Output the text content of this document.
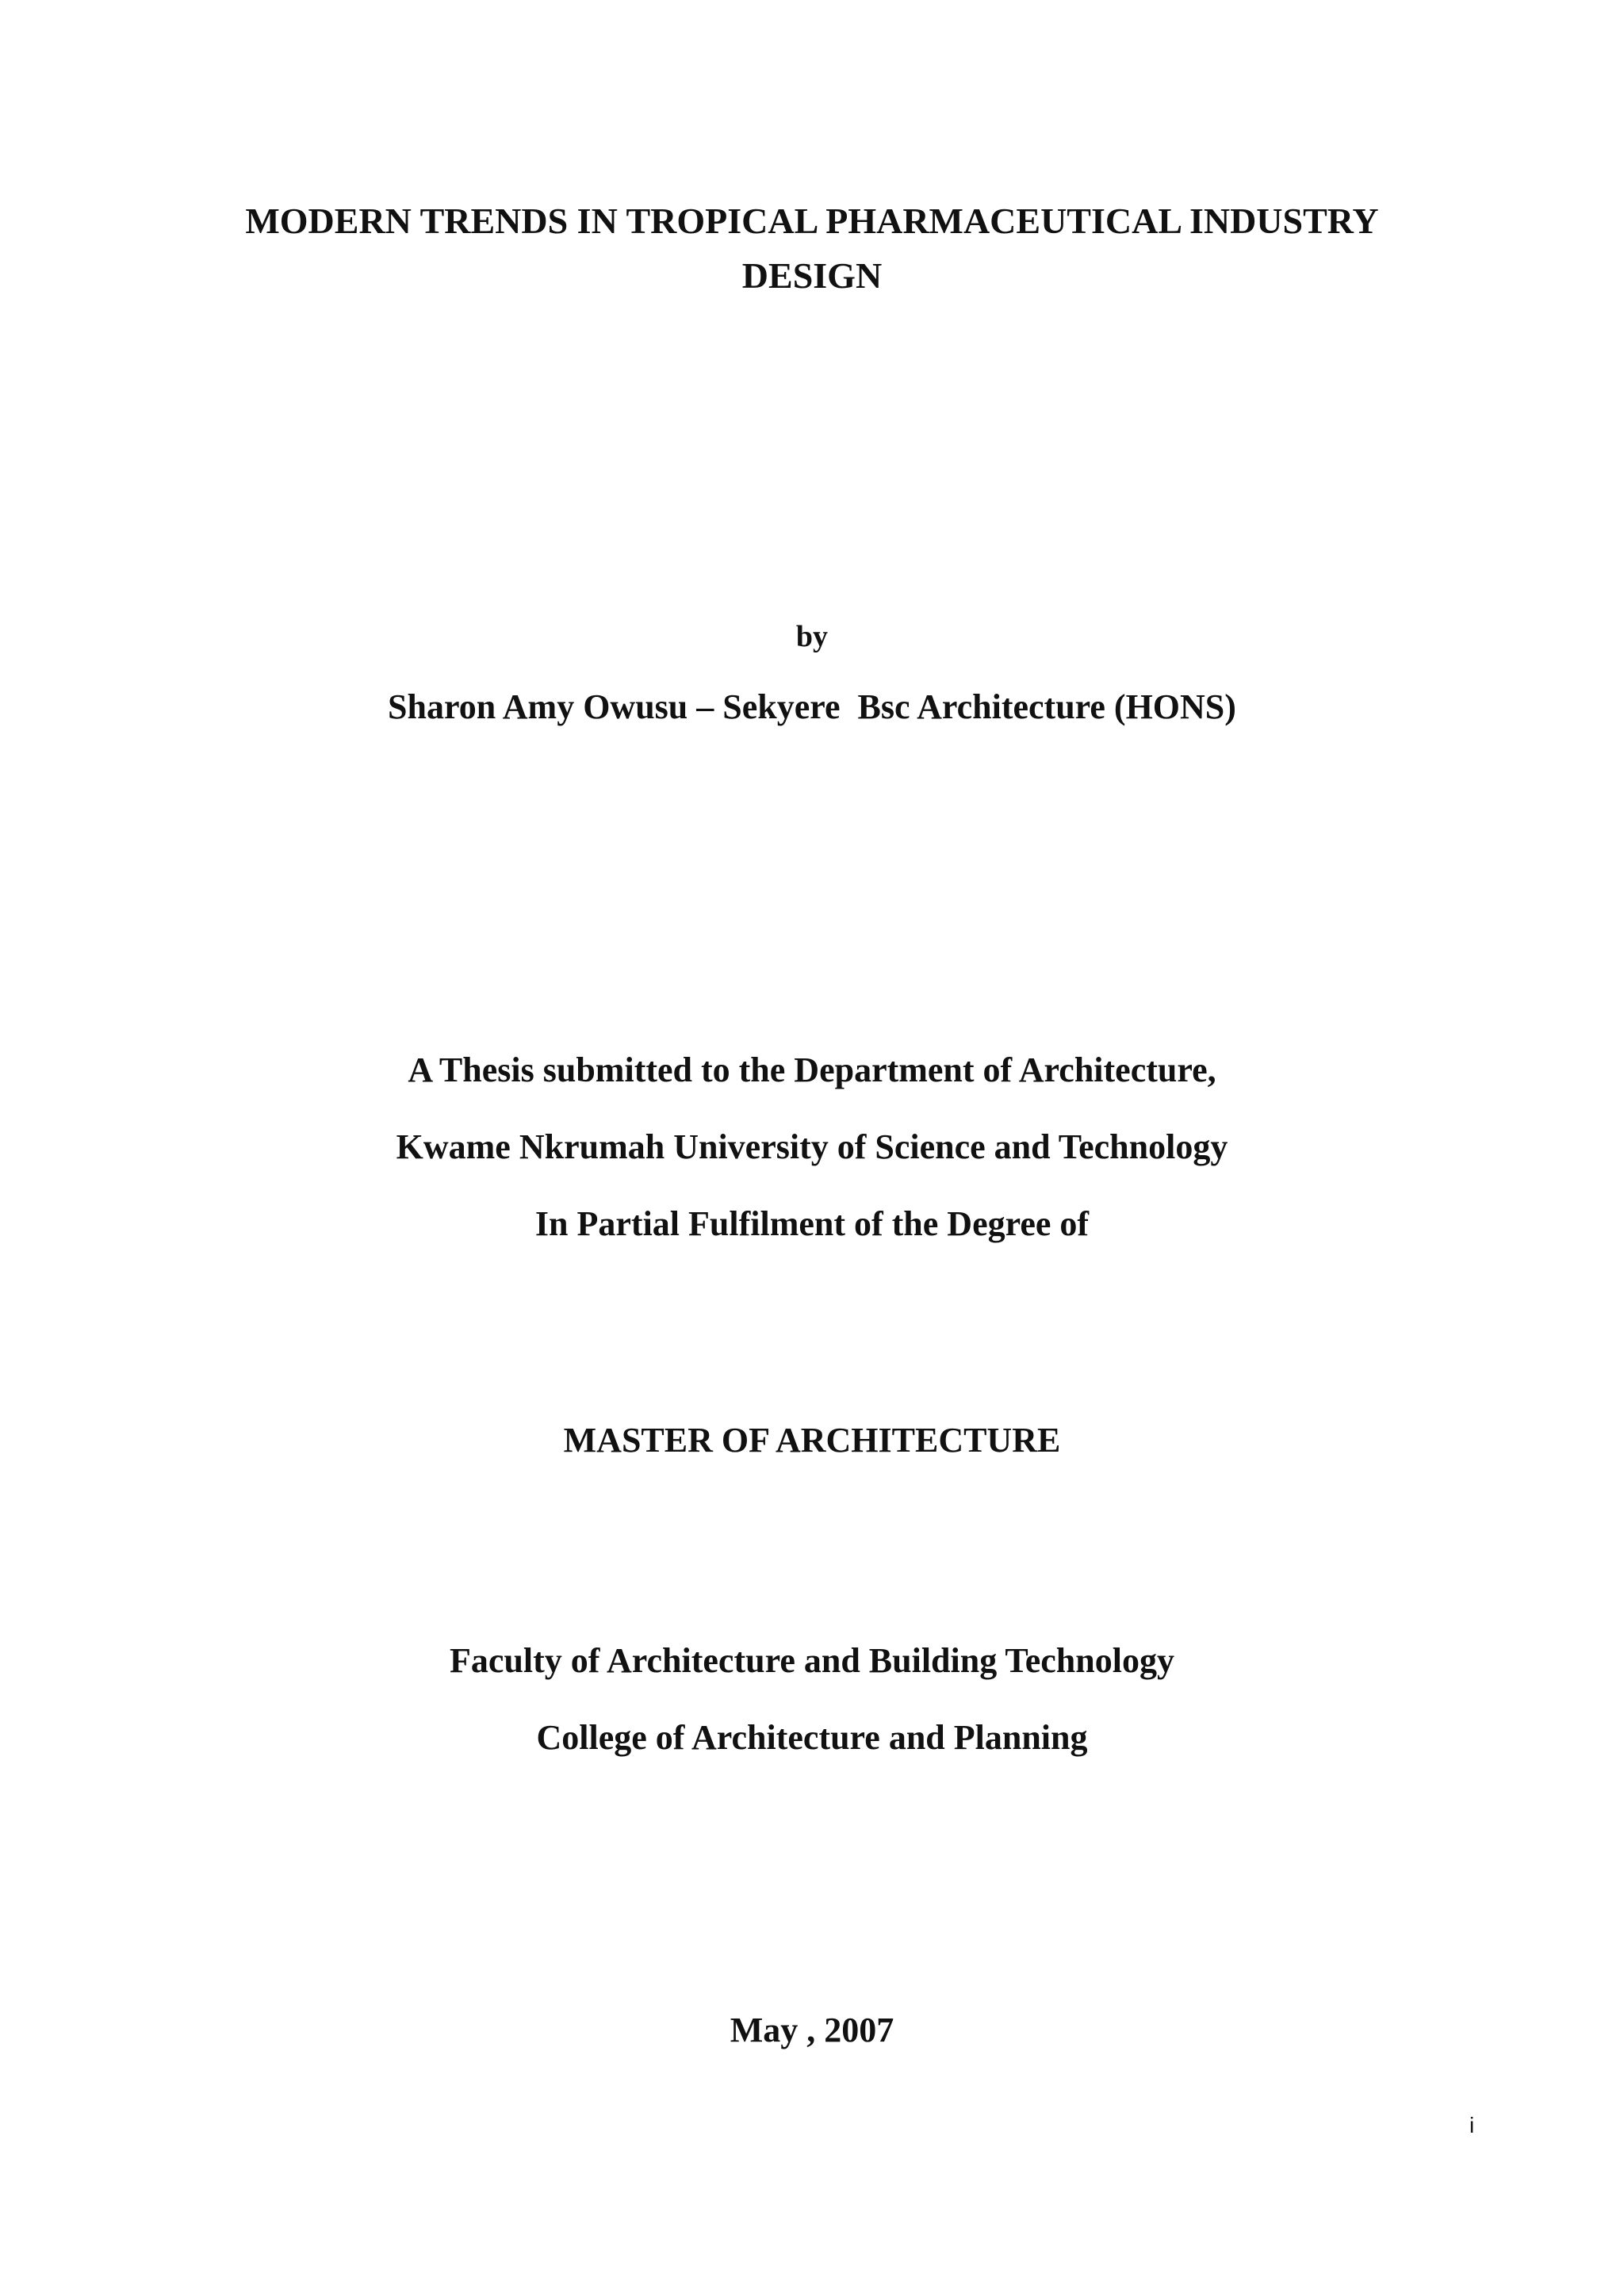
MODERN TRENDS IN TROPICAL PHARMACEUTICAL INDUSTRY
DESIGN
by
Sharon Amy Owusu – Sekyere  Bsc Architecture (HONS)
A Thesis submitted to the Department of Architecture,
Kwame Nkrumah University of Science and Technology
In Partial Fulfilment of the Degree of
MASTER OF ARCHITECTURE
Faculty of Architecture and Building Technology
College of Architecture and Planning
May , 2007
i
